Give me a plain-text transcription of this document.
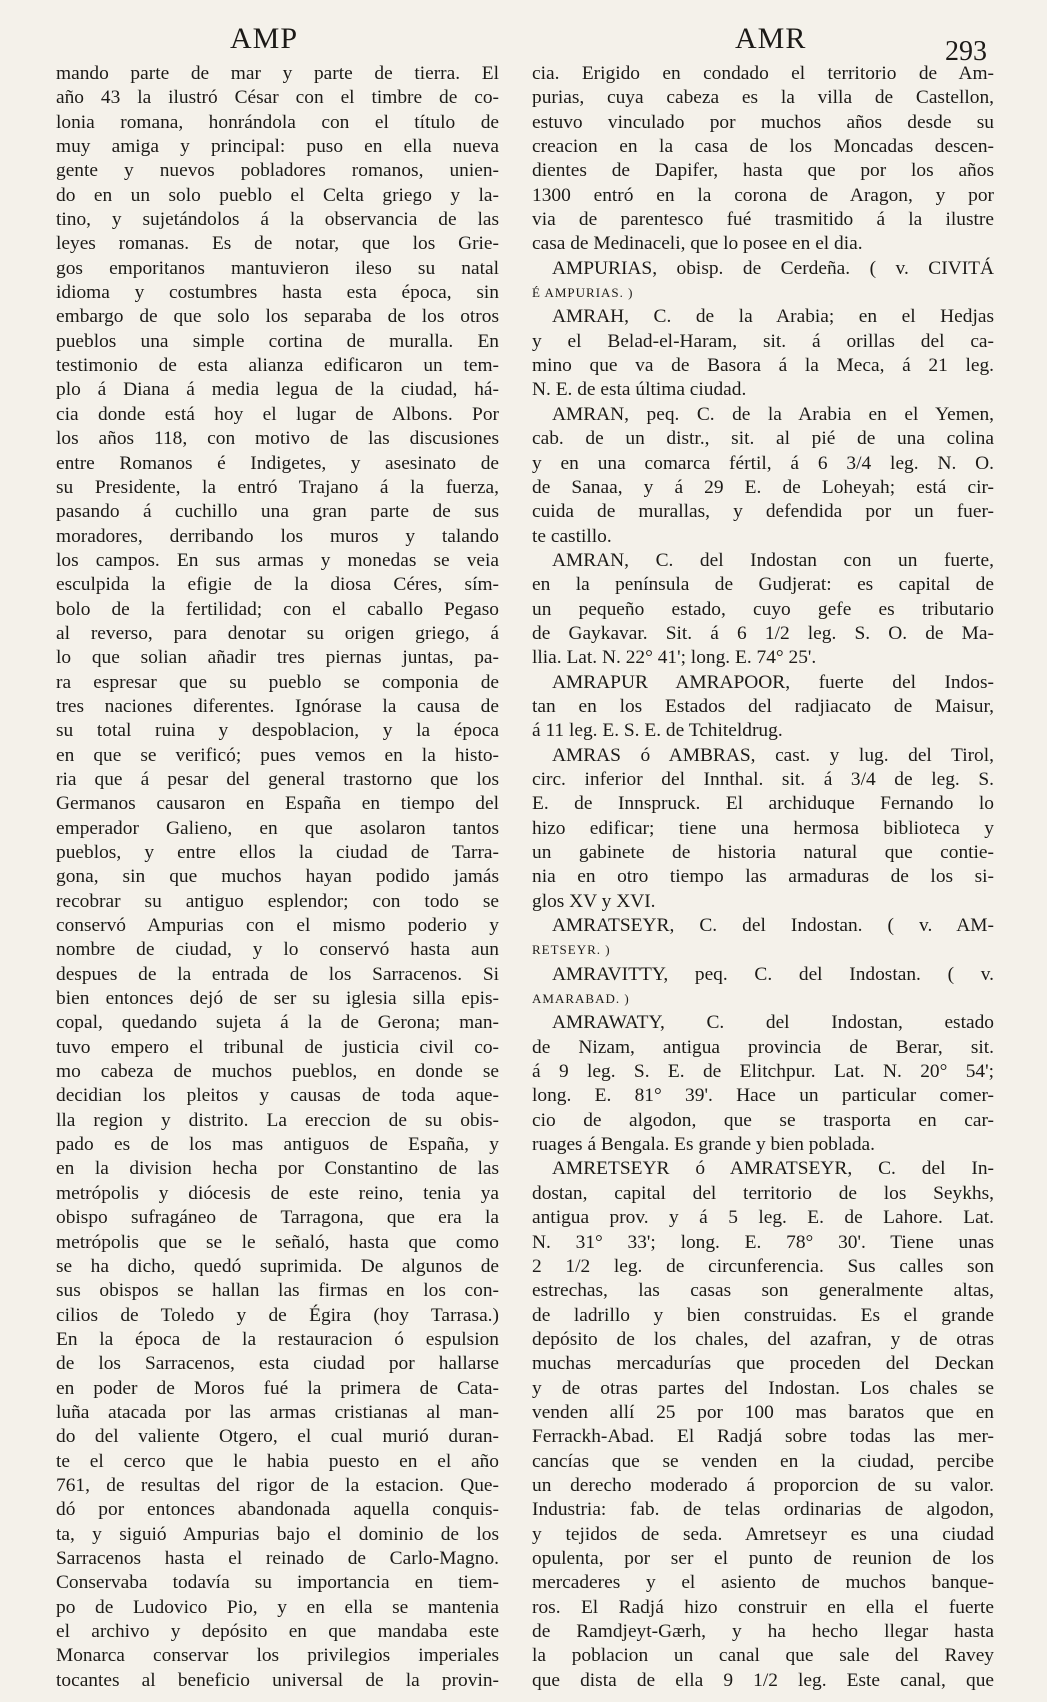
AMP	AMR	293
mando parte de mar y parte de tierra. El
año 43 la ilustró César con el timbre de co-
lonia romana, honrándola con el título de
muy amiga y principal: puso en ella nueva
gente y nuevos pobladores romanos, unien-
do en un solo pueblo el Celta griego y la-
tino, y sujetándolos á la observancia de las
leyes romanas. Es de notar, que los Grie-
gos emporitanos mantuvieron ileso su natal
idioma y costumbres hasta esta época, sin
embargo de que solo los separaba de los otros
pueblos una simple cortina de muralla. En
testimonio de esta alianza edificaron un tem-
plo á Diana á media legua de la ciudad, há-
cia donde está hoy el lugar de Albons. Por
los años 118, con motivo de las discusiones
entre Romanos é Indigetes, y asesinato de
su Presidente, la entró Trajano á la fuerza,
pasando á cuchillo una gran parte de sus
moradores, derribando los muros y talando
los campos. En sus armas y monedas se veia
esculpida la efigie de la diosa Céres, sím-
bolo de la fertilidad; con el caballo Pegaso
al reverso, para denotar su origen griego, á
lo que solian añadir tres piernas juntas, pa-
ra espresar que su pueblo se componia de
tres naciones diferentes. Ignórase la causa de
su total ruina y despoblacion, y la época
en que se verificó; pues vemos en la histo-
ria que á pesar del general trastorno que los
Germanos causaron en España en tiempo del
emperador Galieno, en que asolaron tantos
pueblos, y entre ellos la ciudad de Tarra-
gona, sin que muchos hayan podido jamás
recobrar su antiguo esplendor; con todo se
conservó Ampurias con el mismo poderio y
nombre de ciudad, y lo conservó hasta aun
despues de la entrada de los Sarracenos. Si
bien entonces dejó de ser su iglesia silla epis-
copal, quedando sujeta á la de Gerona; man-
tuvo empero el tribunal de justicia civil co-
mo cabeza de muchos pueblos, en donde se
decidian los pleitos y causas de toda aque-
lla region y distrito. La ereccion de su obis-
pado es de los mas antiguos de España, y
en la division hecha por Constantino de las
metrópolis y diócesis de este reino, tenia ya
obispo sufragáneo de Tarragona, que era la
metrópolis que se le señaló, hasta que como
se ha dicho, quedó suprimida. De algunos de
sus obispos se hallan las firmas en los con-
cilios de Toledo y de Égira (hoy Tarrasa.)
En la época de la restauracion ó espulsion
de los Sarracenos, esta ciudad por hallarse
en poder de Moros fué la primera de Cata-
luña atacada por las armas cristianas al man-
do del valiente Otgero, el cual murió duran-
te el cerco que le habia puesto en el año
761, de resultas del rigor de la estacion. Que-
dó por entonces abandonada aquella conquis-
ta, y siguió Ampurias bajo el dominio de los
Sarracenos hasta el reinado de Carlo-Magno.
Conservaba todavía su importancia en tiem-
po de Ludovico Pio, y en ella se mantenia
el archivo y depósito en que mandaba este
Monarca conservar los privilegios imperiales
tocantes al beneficio universal de la provin-
cia. Erigido en condado el territorio de Am-
purias, cuya cabeza es la villa de Castellon,
estuvo vinculado por muchos años desde su
creacion en la casa de los Moncadas descen-
dientes de Dapifer, hasta que por los años
1300 entró en la corona de Aragon, y por
via de parentesco fué trasmitido á la ilustre
casa de Medinaceli, que lo posee en el dia.
AMPURIAS, obisp. de Cerdeña. ( v. CIVITÁ
É AMPURIAS. )
AMRAH, C. de la Arabia; en el Hedjas
y el Belad-el-Haram, sit. á orillas del ca-
mino que va de Basora á la Meca, á 21 leg.
N. E. de esta última ciudad.
AMRAN, peq. C. de la Arabia en el Yemen,
cab. de un distr., sit. al pié de una colina
y en una comarca fértil, á 6 3/4 leg. N. O.
de Sanaa, y á 29 E. de Loheyah; está cir-
cuida de murallas, y defendida por un fuer-
te castillo.
AMRAN, C. del Indostan con un fuerte,
en la península de Gudjerat: es capital de
un pequeño estado, cuyo gefe es tributario
de Gaykavar. Sit. á 6 1/2 leg. S. O. de Ma-
llia. Lat. N. 22° 41'; long. E. 74° 25'.
AMRAPUR AMRAPOOR, fuerte del Indos-
tan en los Estados del radjiacato de Maisur,
á 11 leg. E. S. E. de Tchiteldrug.
AMRAS ó AMBRAS, cast. y lug. del Tirol,
circ. inferior del Innthal. sit. á 3/4 de leg. S.
E. de Innspruck. El archiduque Fernando lo
hizo edificar; tiene una hermosa biblioteca y
un gabinete de historia natural que contie-
nia en otro tiempo las armaduras de los si-
glos XV y XVI.
AMRATSEYR, C. del Indostan. ( v. AM-
RETSEYR. )
AMRAVITTY, peq. C. del Indostan. ( v.
AMARABAD. )
AMRAWATY, C. del Indostan, estado
de Nizam, antigua provincia de Berar, sit.
á 9 leg. S. E. de Elitchpur. Lat. N. 20° 54';
long. E. 81° 39'. Hace un particular comer-
cio de algodon, que se trasporta en car-
ruages á Bengala. Es grande y bien poblada.
AMRETSEYR ó AMRATSEYR, C. del In-
dostan, capital del territorio de los Seykhs,
antigua prov. y á 5 leg. E. de Lahore. Lat.
N. 31° 33'; long. E. 78° 30'. Tiene unas
2 1/2 leg. de circunferencia. Sus calles son
estrechas, las casas son generalmente altas,
de ladrillo y bien construidas. Es el grande
depósito de los chales, del azafran, y de otras
muchas mercadurías que proceden del Deckan
y de otras partes del Indostan. Los chales se
venden allí 25 por 100 mas baratos que en
Ferrackh-Abad. El Radjá sobre todas las mer-
cancías que se venden en la ciudad, percibe
un derecho moderado á proporcion de su valor.
Industria: fab. de telas ordinarias de algodon,
y tejidos de seda. Amretseyr es una ciudad
opulenta, por ser el punto de reunion de los
mercaderes y el asiento de muchos banque-
ros. El Radjá hizo construir en ella el fuerte
de Ramdjeyt-Gærh, y ha hecho llegar hasta
la poblacion un canal que sale del Ravey
que dista de ella 9 1/2 leg. Este canal, que
